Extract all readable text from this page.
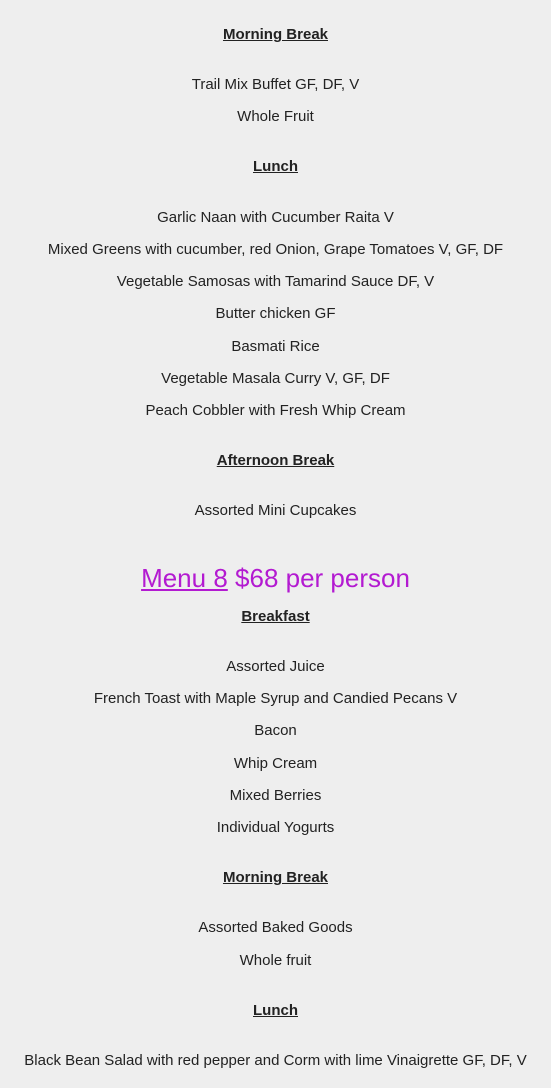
Morning Break
Trail Mix Buffet GF, DF, V
Whole Fruit
Lunch
Garlic Naan with Cucumber Raita V
Mixed Greens with cucumber, red Onion, Grape Tomatoes V, GF, DF
Vegetable Samosas with Tamarind Sauce DF, V
Butter chicken GF
Basmati Rice
Vegetable Masala Curry V, GF, DF
Peach Cobbler with Fresh Whip Cream
Afternoon Break
Assorted Mini Cupcakes
Menu 8 $68 per person
Breakfast
Assorted Juice
French Toast with Maple Syrup and Candied Pecans V
Bacon
Whip Cream
Mixed Berries
Individual Yogurts
Morning Break
Assorted Baked Goods
Whole fruit
Lunch
Black Bean Salad with red pepper and Corm with lime Vinaigrette GF, DF, V
